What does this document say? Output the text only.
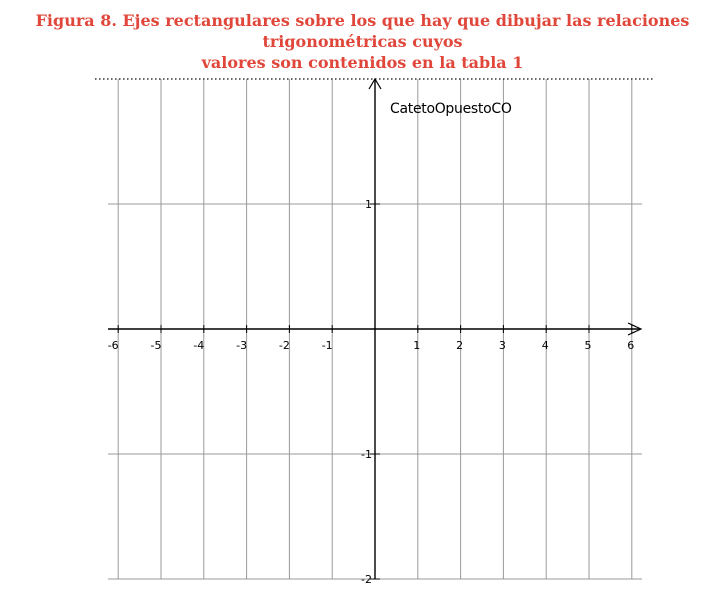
Figura 8. Ejes rectangulares sobre los que hay que dibujar las relaciones trigonométricas cuyos
valores son contenidos en la tabla 1
-6	-5	-4	-3	-2	-1	1	2	3	4	5	6
1
-1
-2
CatetoOpuestoCO
